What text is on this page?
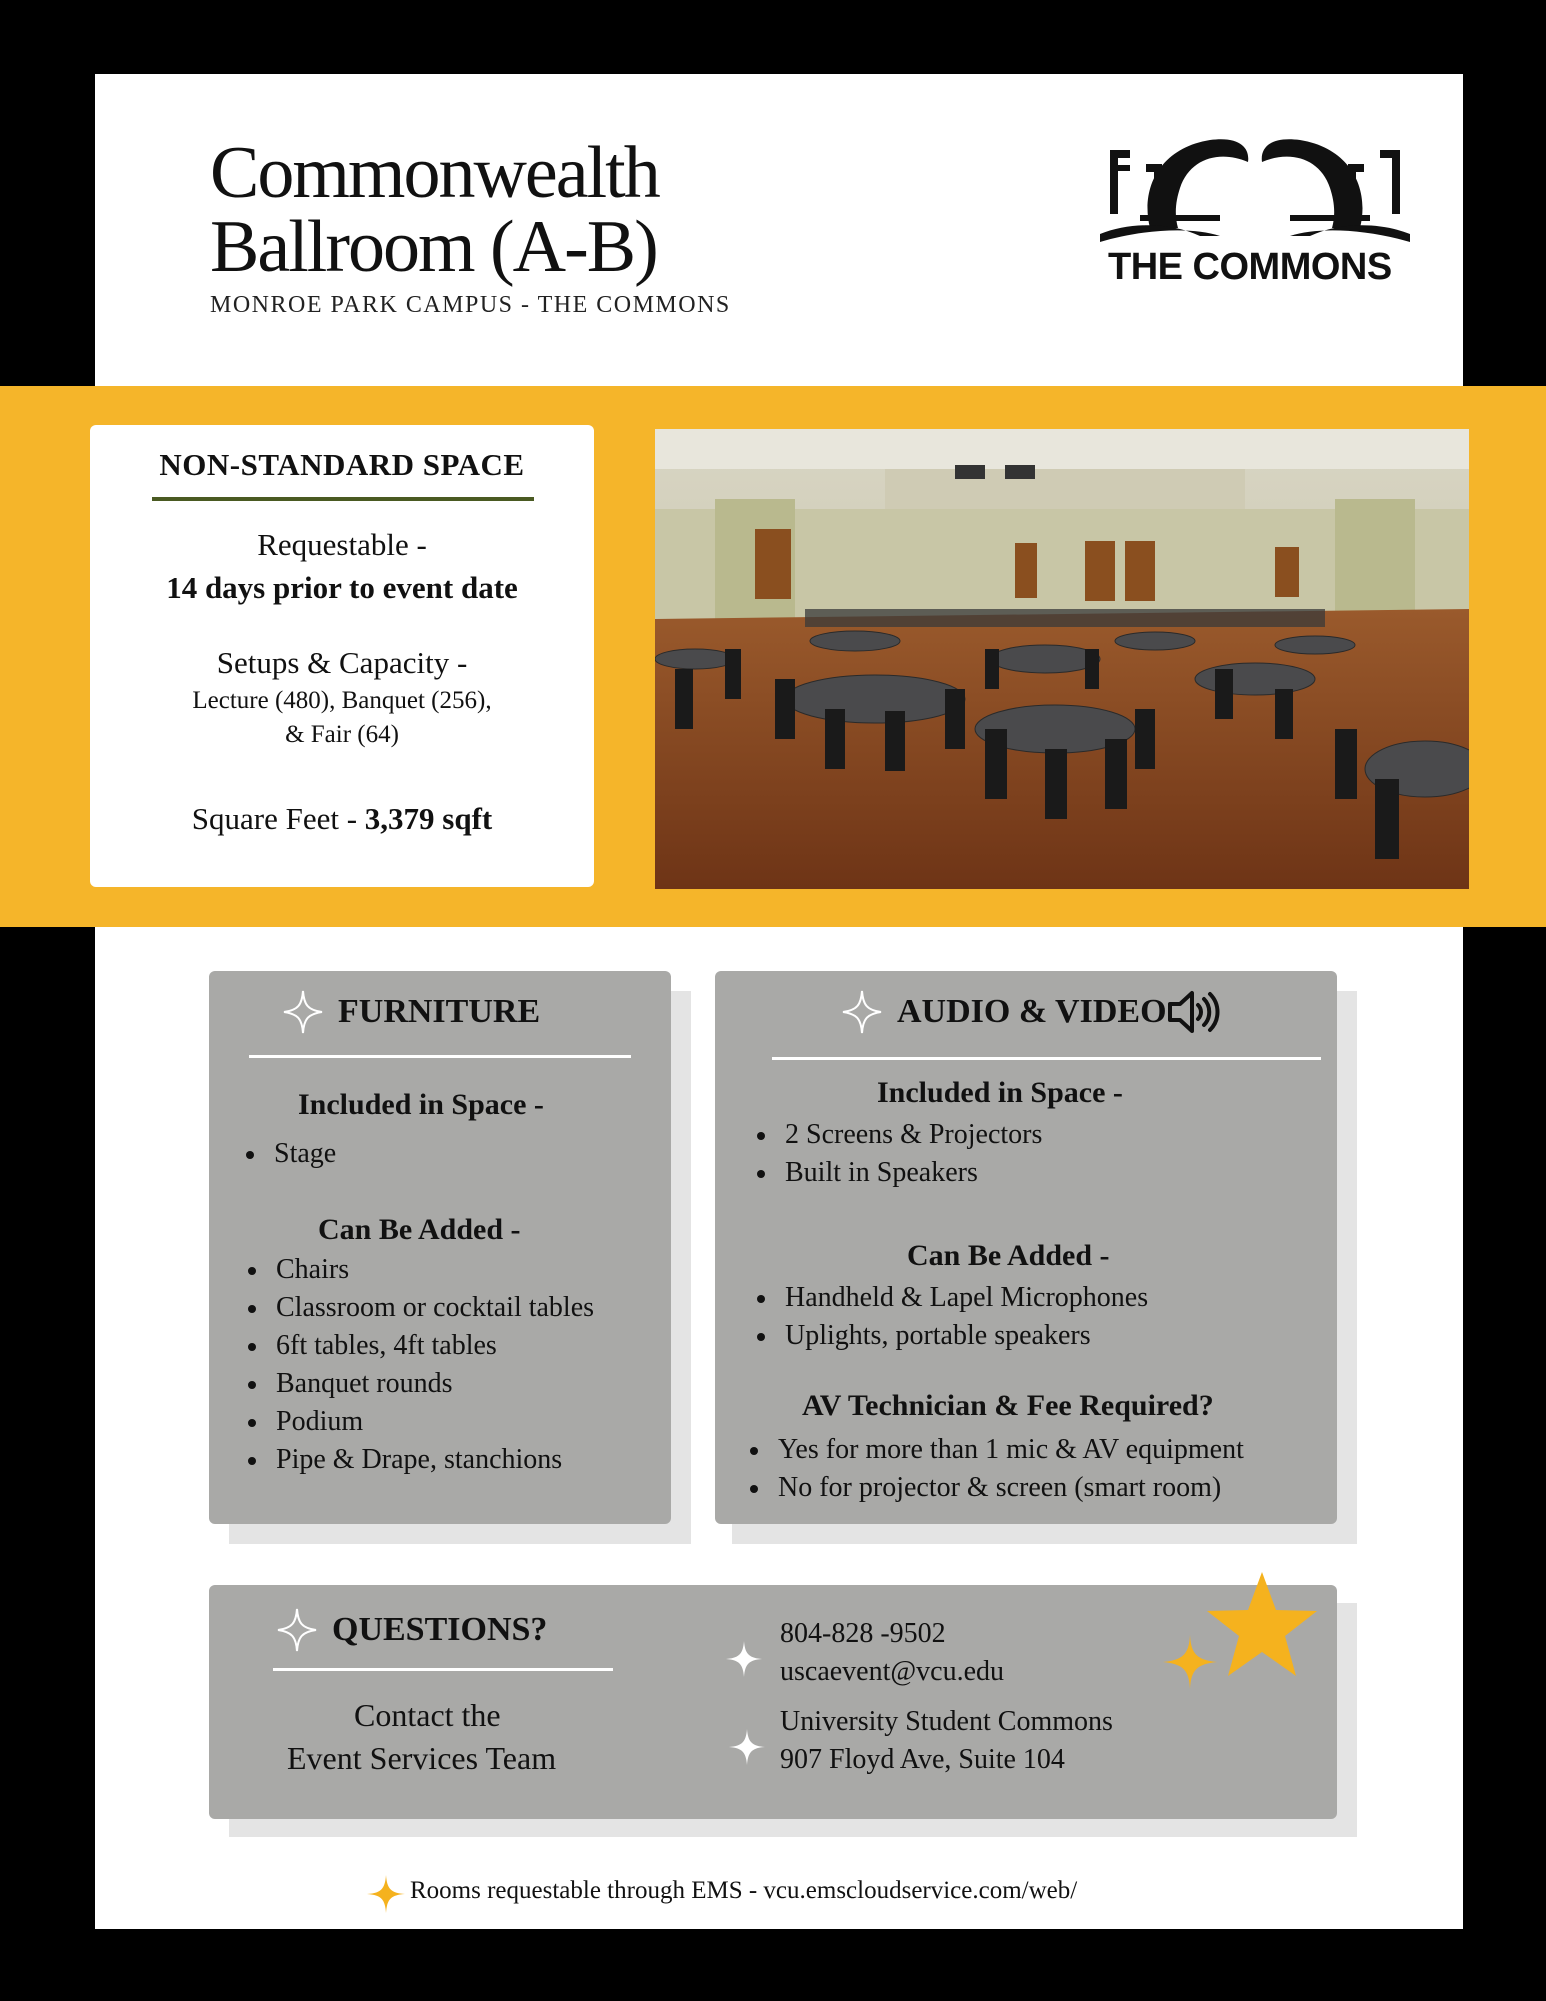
Commonwealth
Ballroom (A-B)
MONROE PARK CAMPUS - THE COMMONS
THE COMMONS
NON-STANDARD SPACE
Requestable -
14 days prior to event date
Setups & Capacity -
Lecture (480), Banquet (256),
& Fair (64)
Square Feet - 3,379 sqft
FURNITURE
Included in Space -
Stage
Can Be Added -
Chairs
Classroom or cocktail tables
6ft tables, 4ft tables
Banquet rounds
Podium
Pipe & Drape, stanchions
AUDIO & VIDEO
Included in Space -
2 Screens & Projectors
Built in Speakers
Can Be Added -
Handheld & Lapel Microphones
Uplights, portable speakers
AV Technician & Fee Required?
Yes for more than 1 mic & AV equipment
No for projector & screen (smart room)
QUESTIONS?
Contact the
Event Services Team
804-828 -9502
uscaevent@vcu.edu
University Student Commons
907 Floyd Ave, Suite 104
Rooms requestable through EMS - vcu.emscloudservice.com/web/
